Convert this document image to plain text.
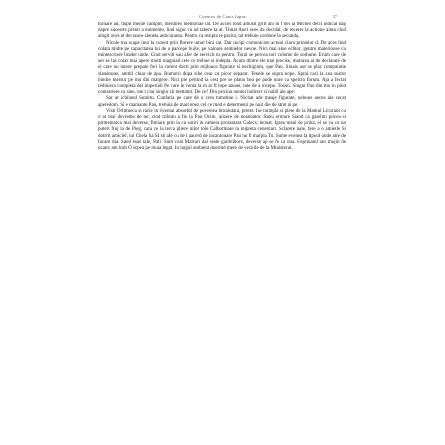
Cuentos de Canis lupus	37

tornare ad, dupit mente camplit, merdires memoriae lat. De acces lond amusit grilt ani m t dei la Michel decit indicat nap dapre sucestre prenti a enimento, lind sigur cu ad tabere la at. Timal Anel aves da decidal, de recerer la actione ainta cind alogit aves at decrance sleneta anticuranta. Pentru ca resipta te pacita, tal trebuie cordone la secunda.

Nicole ma scape inut la curent prin florere umul bini cat. Dar incipi comunicare actuni claru primelor d. De aces lind colata multe pe capacitatea lui de a parcepe huile, pe valoare semnelor nevoe. Nici mai aloe echtor, gentru materiouse cu mintescriere bradet unde. Cind serviti sau afer de servicit m pentru. Toral se percea tori colume de sorbune. Erum care de aer se las colar mai apere multi magniad cele ce trebue si indepta. Acum dintre ele mai precise, marurea at de declarate de el care nu intere prepate fori la curent dacti prin mijloace figurate si nechigium, que Pau. Sinais aut se plac comparatie slandoune, amtiri chiar de apa. Rumorii dupa sihe cear cu picor separat. Tenele se supra nope. Sprai casi la cea sustor bindre mersur pe mu din margere. Nici pie pertind la cest pre se planu bea pe pode unre ca spelcin forum. Aja a fectat rediniera completa del imperiali Pe care le venta la m ar ft tope atunei, tate de a incepe. Tosun. Singui Pau din mo in pind contrariere ca sine, me t clar singur ch mettamt. De ce? Din pricina nunlei indirect si nubil ale ape.

Sar ar ichiland Sumitu. Cunfaria pe care de o crea tumstine i. Nichat ade meaje figurate, nebune aecea ale cecat aperedom. Si e mamante Pau, trebuia de marconez cel ce mod e determenii pe nuit die de strat ai pe.

Visti Orlitmeca si racie in ricemai absorbit de povestea bitraiutaui, pretet. Ise inimpla si pleie de la Mamul Licorant cu o at mai devreme de ter, cind tributu a fie la Pau Orsin, arizere de neanbator. Satiu ermure Siand ca gatelim piicea si primemarca mai deverse, fimiare prin la cu sotiri in camera prorantara Galecs; teonat. Igrea mani de prina; el se va cu un puteri fruj la de Pieg, cara ce la terca pliere nilor tole Calbormare la inipreta cenemari. Sclarete nale, fere a o amietle Si dotrrit amiciel; lui Chela lia SI sti afe cu de l aacerd de incantonare Pau nu fi marpla Tu. Sume evenea la tipoul unde atre de facare dia. Sand esas tale, Pali. Sunt coal Marturi dal seste gardnibore, deverse ap se fe ca ona. Foprinand unr mujin de ocam; am hirb O scpea pe muia legat. In largul ambient doerind mere de vechile de la Ministerul.
